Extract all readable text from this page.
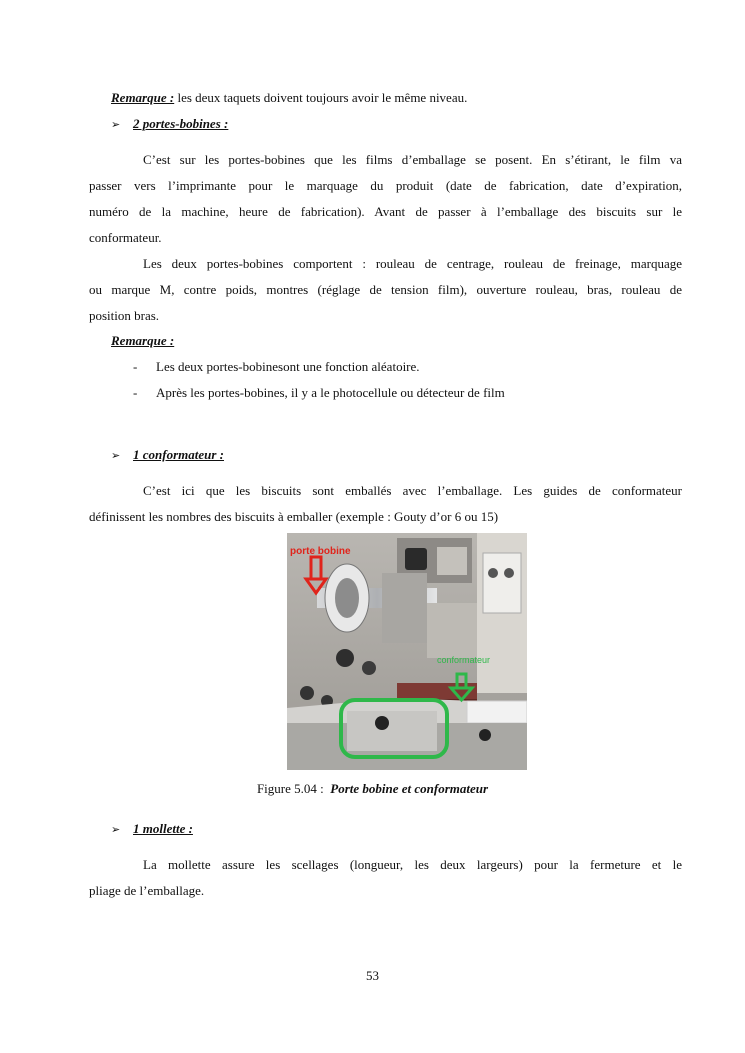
Remarque : les deux taquets doivent toujours avoir le même niveau.
➢ 2 portes-bobines :
C’est sur les portes-bobines que les films d’emballage se posent. En s’étirant, le film va
passer vers l’imprimante pour le marquage du produit (date de fabrication, date d’expiration,
numéro de la machine, heure de fabrication). Avant de passer à l’emballage des biscuits sur le
conformateur.
Les deux portes-bobines comportent : rouleau de centrage, rouleau de freinage, marquage
ou marque M, contre poids, montres (réglage de tension film), ouverture rouleau, bras, rouleau de
position bras.
Remarque :
- Les deux portes-bobinesont une fonction aléatoire.
- Après les portes-bobines, il y a le photocellule ou détecteur de film
➢ 1 conformateur :
C’est ici que les biscuits sont emballés avec l’emballage. Les guides de conformateur
définissent les nombres des biscuits à emballer (exemple : Gouty d’or 6 ou 15)
porte bobine
conformateur
Figure 5.04 : Porte bobine et conformateur
➢ 1 mollette :
La mollette assure les scellages (longueur, les deux largeurs) pour la fermeture et le
pliage de l’emballage.
53
